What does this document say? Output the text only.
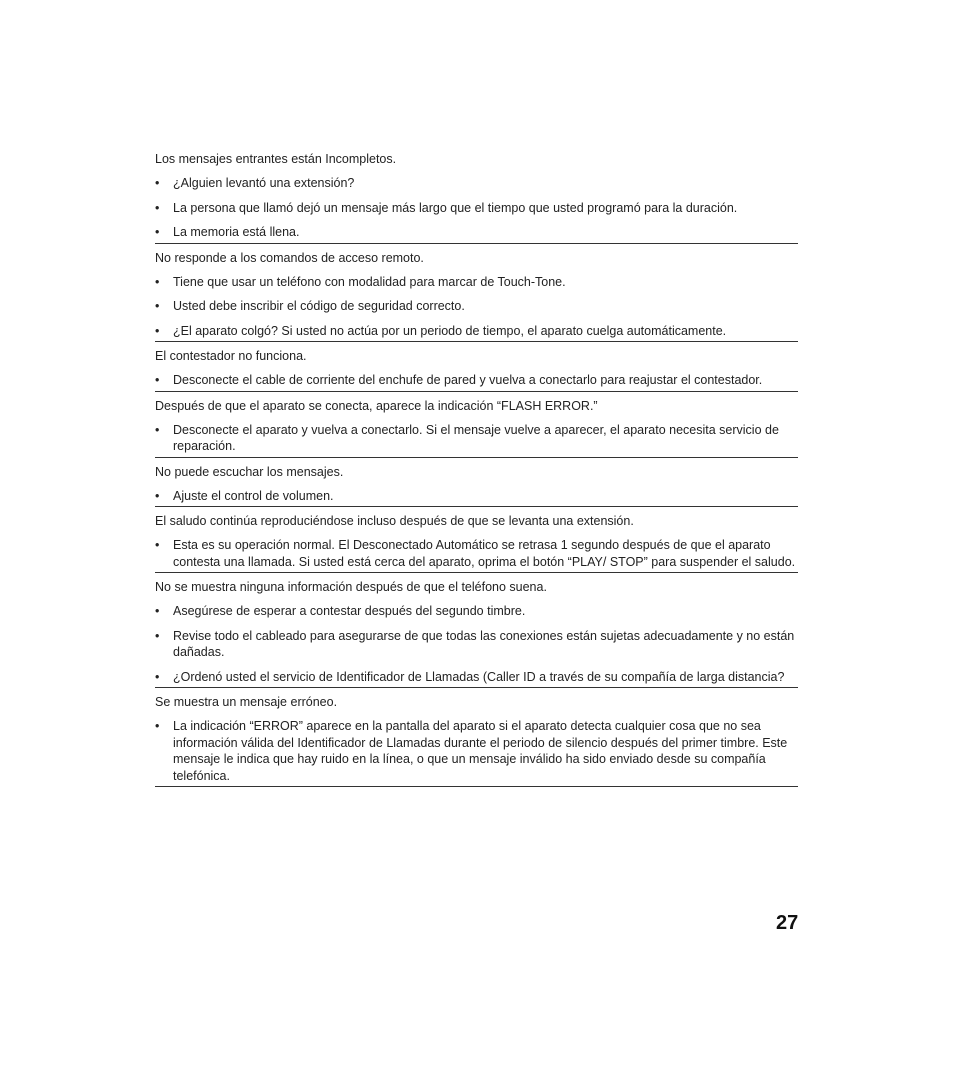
Los mensajes entrantes están Incompletos.
• ¿Alguien levantó una extensión?
• La persona que llamó dejó un mensaje más largo que el tiempo que usted programó para la duración.
• La memoria está llena.
No responde a los comandos de acceso remoto.
• Tiene que usar un teléfono con modalidad para marcar de Touch-Tone.
• Usted debe inscribir el código de seguridad correcto.
• ¿El aparato colgó? Si usted no actúa por un periodo de tiempo, el aparato cuelga automáticamente.
El contestador no funciona.
• Desconecte el cable de corriente del enchufe de pared y vuelva a conectarlo para reajustar el contestador.
Después de que el aparato se conecta, aparece la indicación “FLASH ERROR.”
• Desconecte el aparato y vuelva a conectarlo. Si el mensaje vuelve a aparecer, el aparato necesita servicio de reparación.
No puede escuchar los mensajes.
• Ajuste el control de volumen.
El saludo continúa reproduciéndose incluso después de que se levanta una extensión.
• Esta es su operación normal. El Desconectado Automático se retrasa 1 segundo después de que el aparato contesta una llamada. Si usted está cerca del aparato, oprima el botón “PLAY/ STOP” para suspender el saludo.
No se muestra ninguna información después de que el teléfono suena.
• Asegúrese de esperar a contestar después del segundo timbre.
• Revise todo el cableado para asegurarse de que todas las conexiones están sujetas adecuadamente y no están dañadas.
• ¿Ordenó usted el servicio de Identificador de Llamadas (Caller ID a través de su compañía de larga distancia?
Se muestra un mensaje erróneo.
• La indicación “ERROR” aparece en la pantalla del aparato si el aparato detecta cualquier cosa que no sea información válida del Identificador de Llamadas durante el periodo de silencio después del primer timbre. Este mensaje le indica que hay ruido en la línea, o que un mensaje inválido ha sido enviado desde su compañía telefónica.
27
